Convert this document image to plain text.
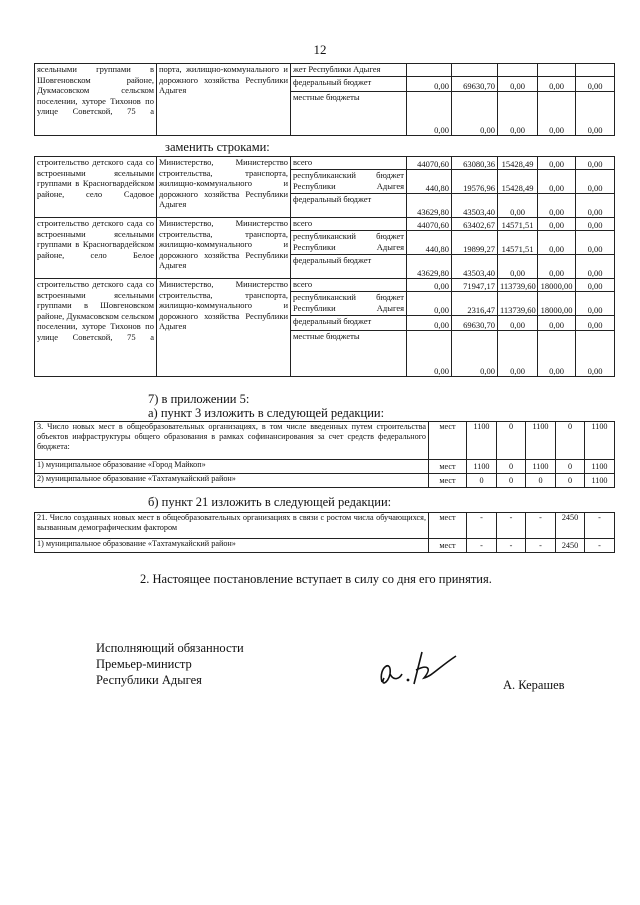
12
ясельными группами в Шовгеновском районе, Дукмасовском сельском поселении, хуторе Тихонов по улице Советской, 75 а	порта, жилищно-коммунального и дорожного хозяйства Республики Адыгея	жет Республики Адыгея					
		федеральный бюджет	0,00	69630,70	0,00	0,00	0,00
		местные бюджеты	0,00	0,00	0,00	0,00	0,00
заменить строками:
строительство детского сада со встроенными ясельными группами в Красногвардейском районе, село Садовое	Министерство, Министерство строительства, транспорта, жилищно-коммунального и дорожного хозяйства Республики Адыгея	всего	44070,60	63080,36	15428,49	0,00	0,00
		республиканский бюджет Республики Адыгея	440,80	19576,96	15428,49	0,00	0,00
		федеральный бюджет	43629,80	43503,40	0,00	0,00	0,00
строительство детского сада со встроенными ясельными группами в Красногвардейском районе, село Белое	Министерство, Министерство строительства, транспорта, жилищно-коммунального и дорожного хозяйства Республики Адыгея	всего	44070,60	63402,67	14571,51	0,00	0,00
		республиканский бюджет Республики Адыгея	440,80	19899,27	14571,51	0,00	0,00
		федеральный бюджет	43629,80	43503,40	0,00	0,00	0,00
строительство детского сада со встроенными ясельными группами в Шовгеновском районе, Дукмасовском сельском поселении, хуторе Тихонов по улице Советской, 75 а	Министерство, Министерство строительства, транспорта, жилищно-коммунального и дорожного хозяйства Республики Адыгея	всего	0,00	71947,17	113739,60	18000,00	0,00
		республиканский бюджет Республики Адыгея	0,00	2316,47	113739,60	18000,00	0,00
		федеральный бюджет	0,00	69630,70	0,00	0,00	0,00
		местные бюджеты	0,00	0,00	0,00	0,00	0,00
7) в приложении 5:
а) пункт 3 изложить в следующей редакции:
3. Число новых мест в общеобразовательных организациях, в том числе введенных путем строительства объектов инфраструктуры общего образования в рамках софинансирования за счет средств федерального бюджета:	мест	1100	0	1100	0	1100
1) муниципальное образование «Город Майкоп»	мест	1100	0	1100	0	1100
2) муниципальное образование «Тахтамукайский район»	мест	0	0	0	0	1100
б) пункт 21 изложить в следующей редакции:
21. Число созданных новых мест в общеобразовательных организациях в связи с ростом числа обучающихся, вызванным демографическим фактором	мест	-	-	-	2450	-
1) муниципальное образование «Тахтамукайский район»	мест	-	-	-	2450	-
2. Настоящее постановление вступает в силу со дня его принятия.
Исполняющий обязанности
Премьер-министр
Республики Адыгея	А. Керашев
